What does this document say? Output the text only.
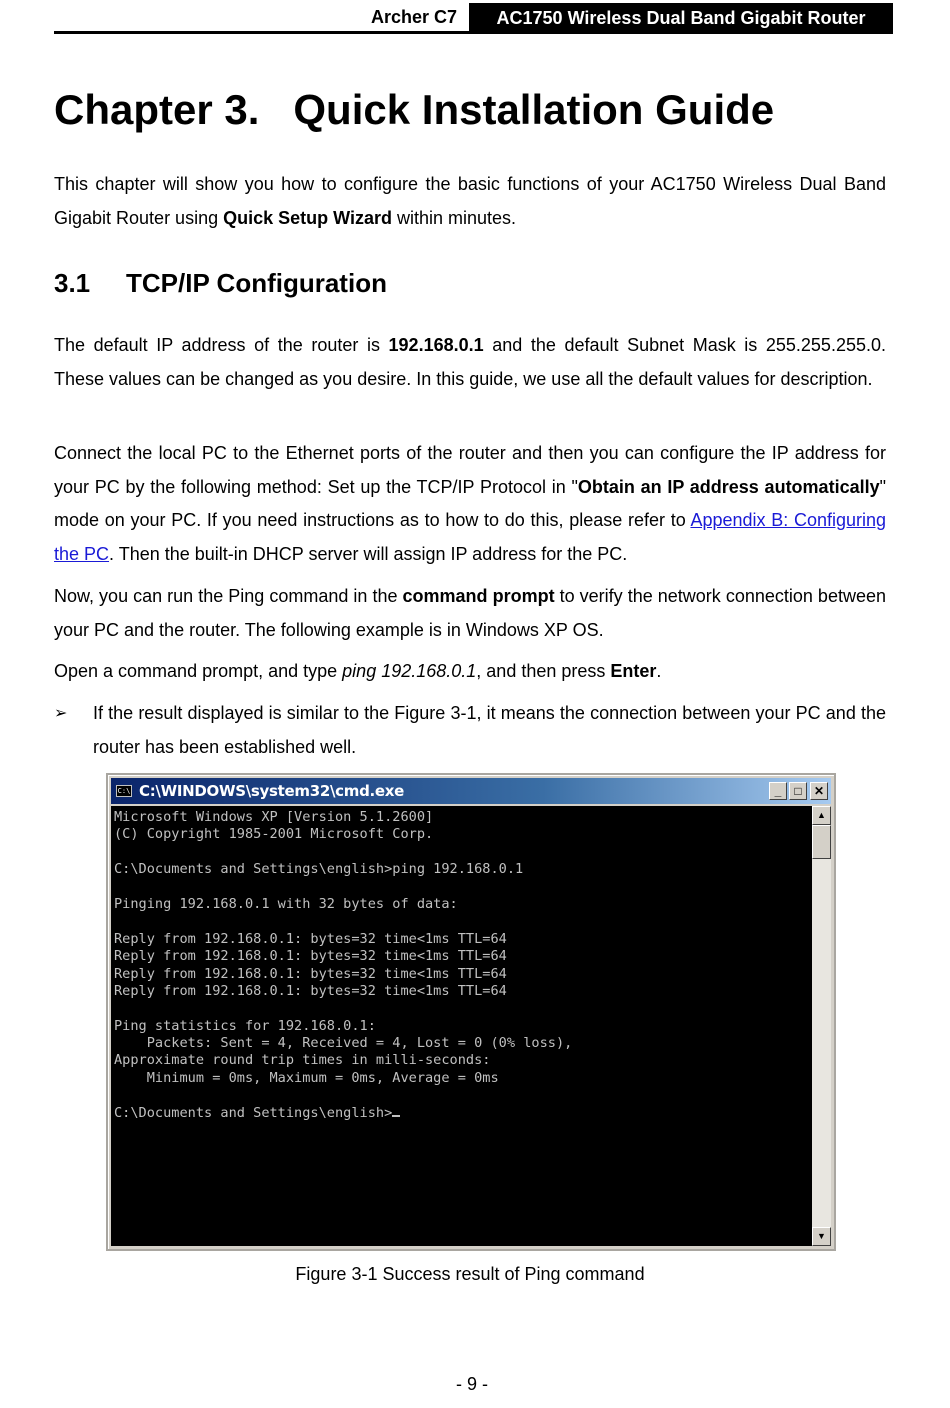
Archer C7	AC1750 Wireless Dual Band Gigabit Router
Chapter 3. Quick Installation Guide

This chapter will show you how to configure the basic functions of your AC1750 Wireless Dual Band Gigabit Router using Quick Setup Wizard within minutes.

3.1 TCP/IP Configuration

The default IP address of the router is 192.168.0.1 and the default Subnet Mask is 255.255.255.0. These values can be changed as you desire. In this guide, we use all the default values for description.

Connect the local PC to the Ethernet ports of the router and then you can configure the IP address for your PC by the following method: Set up the TCP/IP Protocol in "Obtain an IP address automatically" mode on your PC. If you need instructions as to how to do this, please refer to Appendix B: Configuring the PC. Then the built-in DHCP server will assign IP address for the PC.

Now, you can run the Ping command in the command prompt to verify the network connection between your PC and the router. The following example is in Windows XP OS.

Open a command prompt, and type ping 192.168.0.1, and then press Enter.

➢ If the result displayed is similar to the Figure 3-1, it means the connection between your PC and the router has been established well.
C:\ C:\WINDOWS\system32\cmd.exe	_	□	✕
Microsoft Windows XP [Version 5.1.2600]
(C) Copyright 1985-2001 Microsoft Corp.
C:\Documents and Settings\english>ping 192.168.0.1
Pinging 192.168.0.1 with 32 bytes of data:
Reply from 192.168.0.1: bytes=32 time<1ms TTL=64
Reply from 192.168.0.1: bytes=32 time<1ms TTL=64
Reply from 192.168.0.1: bytes=32 time<1ms TTL=64
Reply from 192.168.0.1: bytes=32 time<1ms TTL=64
Ping statistics for 192.168.0.1:
Packets: Sent = 4, Received = 4, Lost = 0 (0% loss),
Approximate round trip times in milli-seconds:
Minimum = 0ms, Maximum = 0ms, Average = 0ms
C:\Documents and Settings\english>
▲
▼
Figure 3-1 Success result of Ping command
- 9 -
